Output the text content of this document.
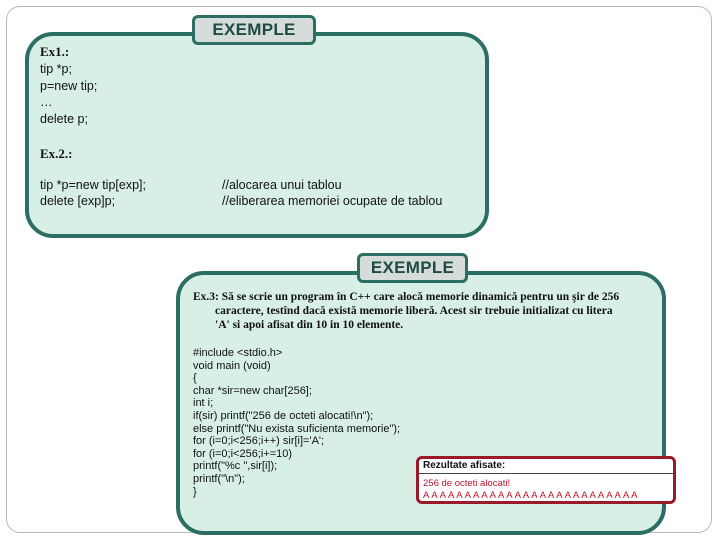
EXEMPLE
Ex1.:
tip *p;
p=new tip;
…
delete p;
Ex.2.:
tip *p=new tip[exp];
delete [exp]p;
//alocarea unui tablou
//eliberarea memoriei ocupate de tablou
EXEMPLE
Ex.3: Să se scrie un program în C++ care alocă memorie dinamică pentru un şir de 256
caractere, testînd dacă există memorie liberă. Acest sir trebuie initializat cu litera
'A' si apoi afisat din 10 in 10 elemente.
#include <stdio.h>
void main (void)
{
char *sir=new char[256];
int i;
if(sir) printf("256 de octeti alocati!\n");
else printf("Nu exista suficienta memorie");
for (i=0;i<256;i++) sir[i]='A';
for (i=0;i<256;i+=10)
printf("%c ",sir[i]);
printf("\n");
}
Rezultate afisate:
256 de octeti alocati!
A A A A A A A A A A A A A A A A A A A A A A A A A A
